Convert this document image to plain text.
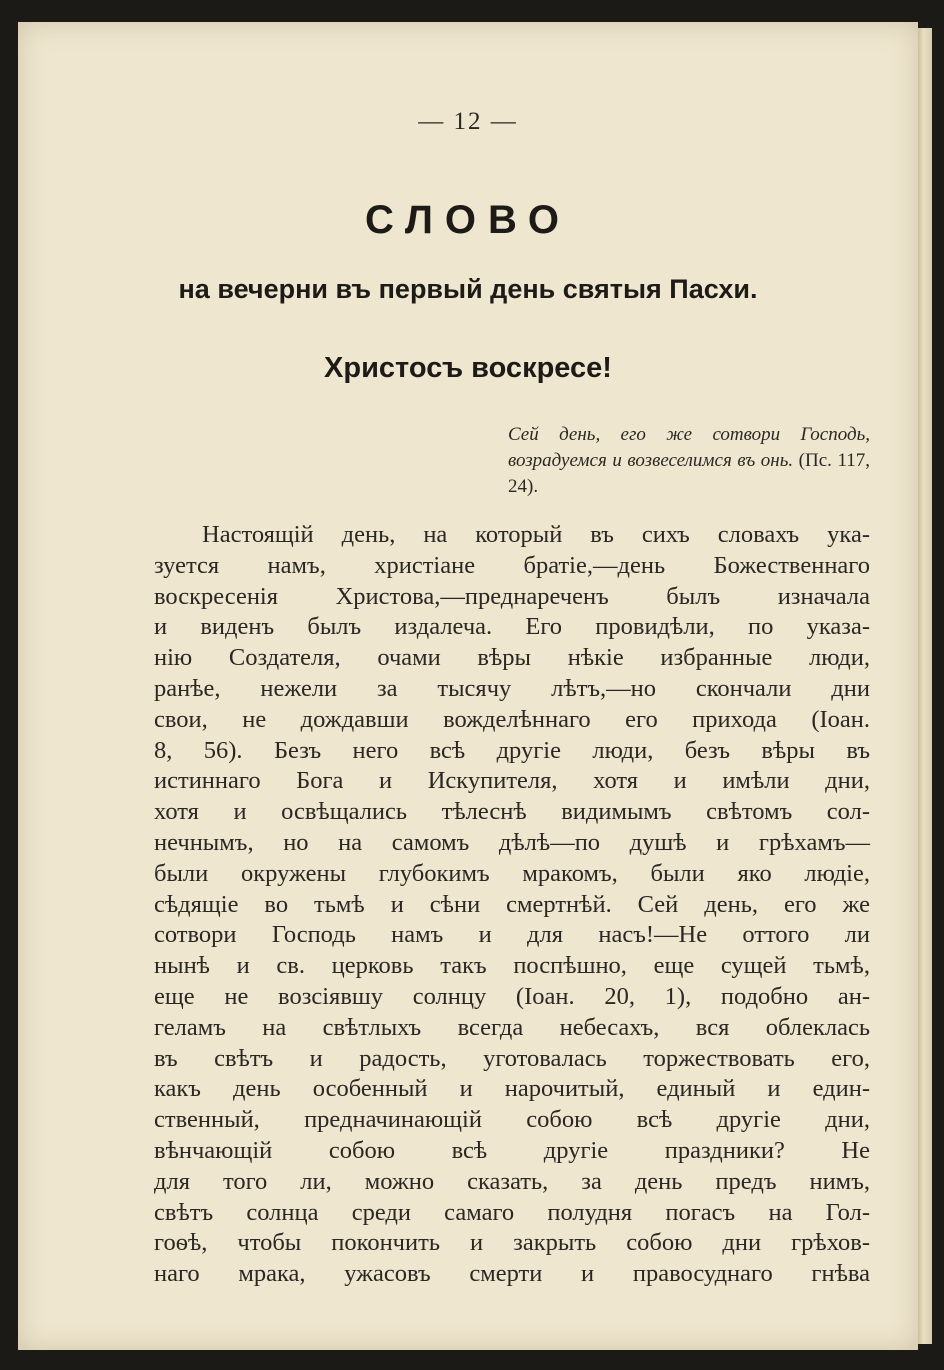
— 12 —
СЛОВО
на вечерни въ первый день святыя Пасхи.
Христосъ воскресе!
Сей день, его же сотвори Господь, возрадуемся и возвеселимся въ онь. (Пс. 117, 24).
Настоящій день, на который въ сихъ словахъ ука-
зуется намъ, христіане братіе,—день Божественнаго
воскресенія Христова,—преднареченъ былъ изначала
и виденъ былъ издалеча. Его провидѣли, по указа-
нію Создателя, очами вѣры нѣкіе избранные люди,
ранѣе, нежели за тысячу лѣтъ,—но скончали дни
свои, не дождавши вожделѣннаго его прихода (Іоан.
8, 56). Безъ него всѣ другіе люди, безъ вѣры въ
истиннаго Бога и Искупителя, хотя и имѣли дни,
хотя и освѣщались тѣлеснѣ видимымъ свѣтомъ сол-
нечнымъ, но на самомъ дѣлѣ—по душѣ и грѣхамъ—
были окружены глубокимъ мракомъ, были яко людіе,
сѣдящіе во тьмѣ и сѣни смертнѣй. Сей день, его же
сотвори Господь намъ и для насъ!—Не оттого ли
нынѣ и св. церковь такъ поспѣшно, еще сущей тьмѣ,
еще не возсіявшу солнцу (Іоан. 20, 1), подобно ан-
геламъ на свѣтлыхъ всегда небесахъ, вся облеклась
въ свѣтъ и радость, уготовалась торжествовать его,
какъ день особенный и нарочитый, единый и един-
ственный, предначинающій собою всѣ другіе дни,
вѣнчающій собою всѣ другіе праздники? Не
для того ли, можно сказать, за день предъ нимъ,
свѣтъ солнца среди самаго полудня погасъ на Гол-
гоѳѣ, чтобы покончить и закрыть собою дни грѣхов-
наго мрака, ужасовъ смерти и правосуднаго гнѣва
